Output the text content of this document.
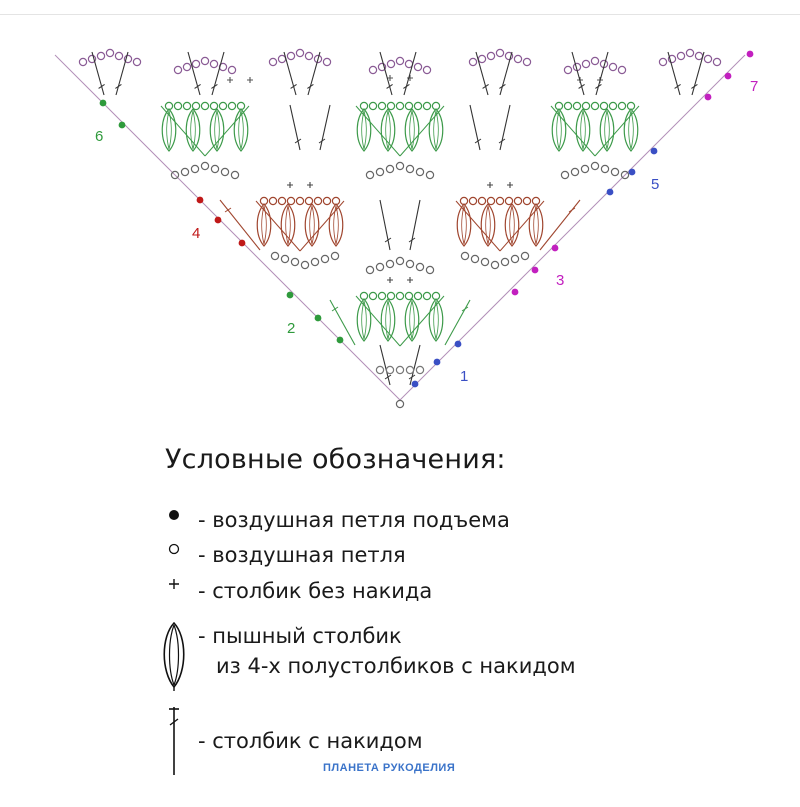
1
2
3
4
5
6
7
Условные обозначения:
- воздушная петля подъема
- воздушная петля
- столбик без накида
- пышный столбик
из 4-х полустолбиков с накидом
- столбик с накидом
ПЛАНЕТА РУКОДЕЛИЯ
